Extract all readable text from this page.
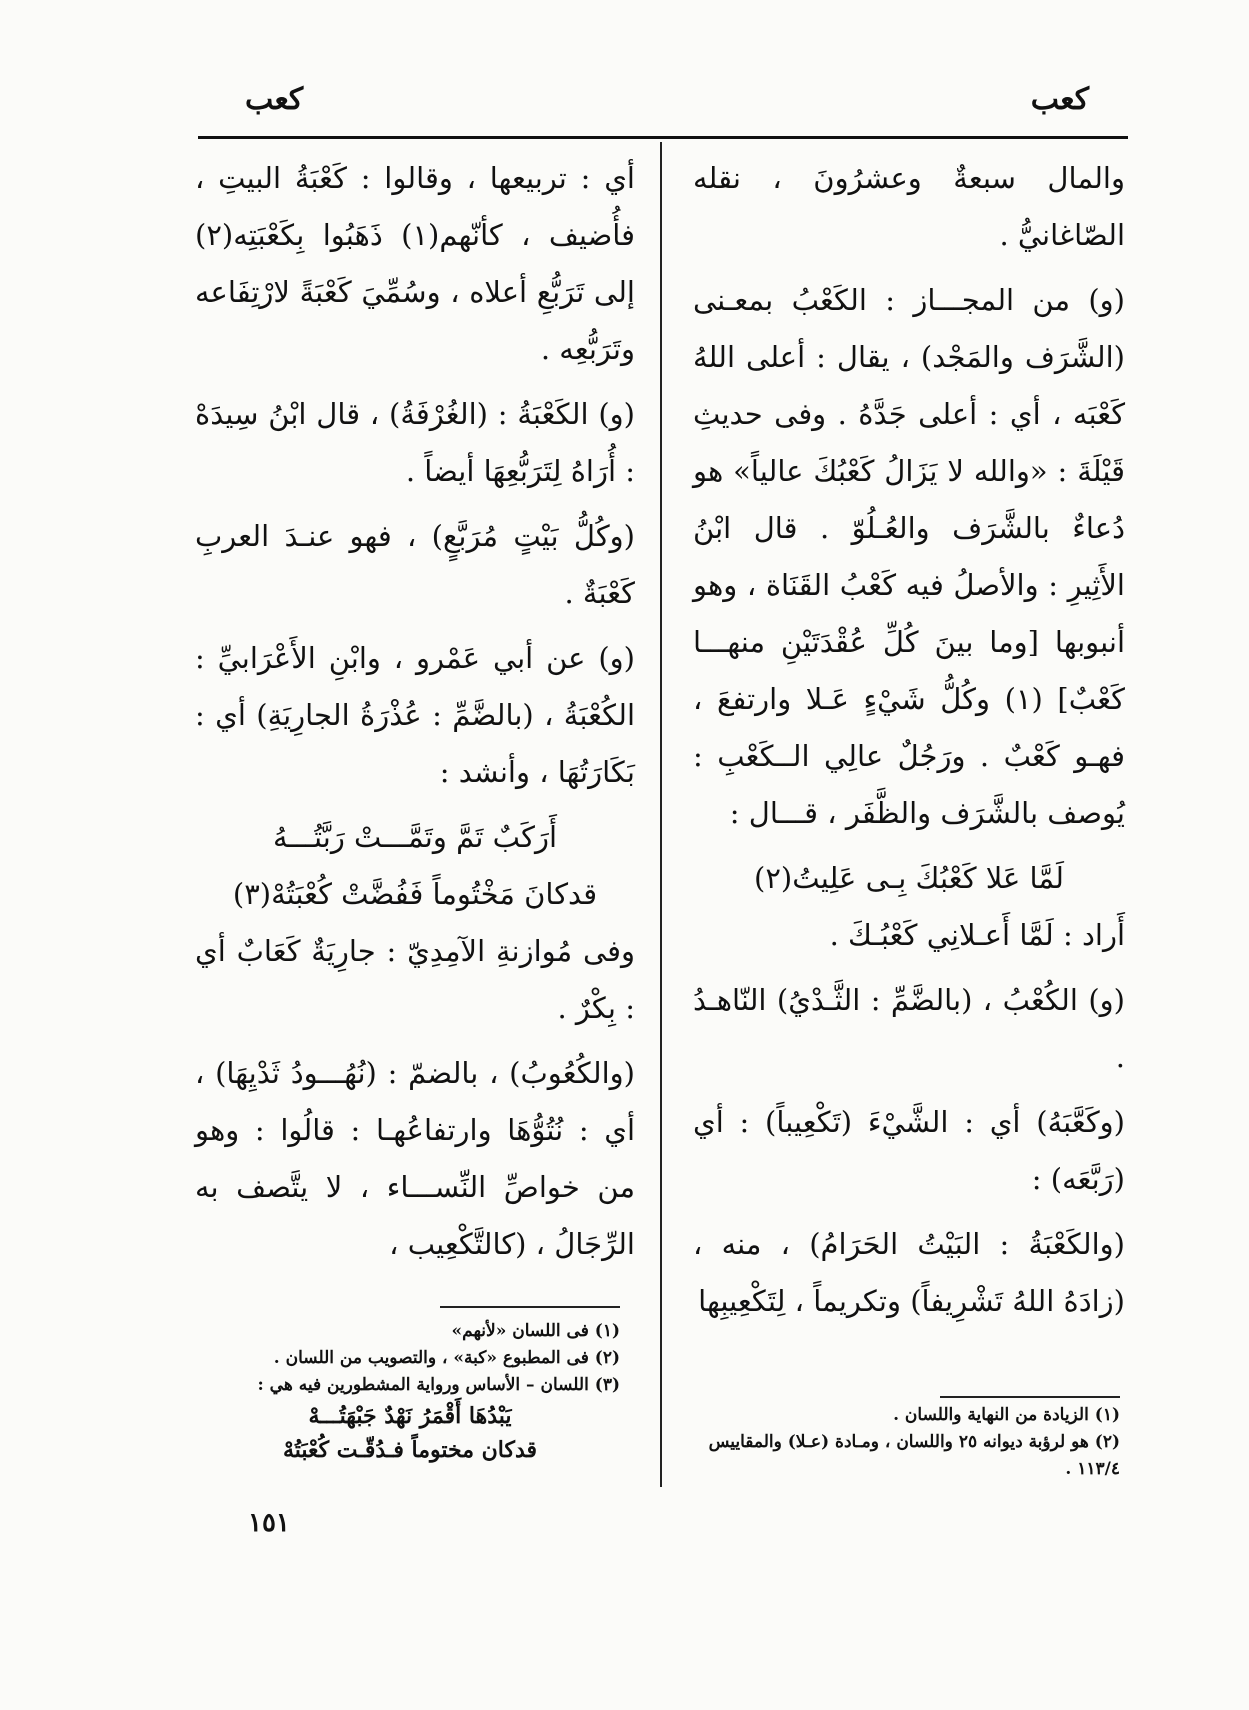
كعب
كعب

والمال سبعةٌ وعشرُونَ ، نقله الصّاغانيُّ .

(و) من المجـــاز : الكَعْبُ بمعـنى (الشَّرَف والمَجْد) ، يقال : أعلى اللهُ كَعْبَه ، أي : أعلى جَدَّهُ . وفى حديثِ قَيْلَةَ : «والله لا يَزَالُ كَعْبُكَ عالياً» هو دُعاءٌ بالشَّرَف والعُـلُوّ . قال ابْنُ الأَثِيرِ : والأصلُ فيه كَعْبُ القَنَاة ، وهو أنبوبها [وما بينَ كُلِّ عُقْدَتَيْنِ منهـــا كَعْبٌ] (١) وكُلُّ شَيْءٍ عَـلا وارتفعَ ، فهـو كَعْبٌ . ورَجُلٌ عالِي الــكَعْبِ : يُوصف بالشَّرَف والظَّفَر ، قـــال :

لَمَّا عَلا كَعْبُكَ بِـى عَلِيتُ(٢)

أَراد : لَمَّا أَعـلانِي كَعْبُـكَ .

(و) الكُعْبُ ، (بالضَّمِّ : الثَّـدْيُ) النّاهـدُ .

(وكَعَّبَهُ) أي : الشَّيْءَ (تَكْعِيباً) : أي (رَبَّعَه) :

(والكَعْبَةُ : البَيْتُ الحَرَامُ) ، منه ، (زادَهُ اللهُ تَشْرِيفاً) وتكريماً ، لِتَكْعِيبِها

أي : تربيعها ، وقالوا : كَعْبَةُ البيتِ ، فأُضيف ، كأنّهم(١) ذَهَبُوا بِكَعْبَتِه(٢) إلى تَرَبُّعِ أعلاه ، وسُمِّيَ كَعْبَةً لارْتِفَاعه وتَرَبُّعِه .

(و) الكَعْبَةُ : (الغُرْفَةُ) ، قال ابْنُ سِيدَهْ : أُرَاهُ لِتَرَبُّعِهَا أيضاً .

(وكُلُّ بَيْتٍ مُرَبَّعٍ) ، فهو عنـدَ العربِ كَعْبَةٌ .

(و) عن أبي عَمْرو ، وابْنِ الأَعْرَابيِّ : الكُعْبَةُ ، (بالضَّمِّ : عُذْرَةُ الجارِيَةِ) أي : بَكَارَتُهَا ، وأنشد :

أَرَكَبٌ تَمَّ وتَمَّـــتْ رَبَّتُـــهُ

قدكانَ مَخْتُوماً فَفُضَّتْ كُعْبَتُهْ(٣)

وفى مُوازنةِ الآمِدِيّ : جارِيَةٌ كَعَابٌ أي : بِكْرٌ .

(والكُعُوبُ) ، بالضمّ : (نُهُـــودُ ثَدْيِهَا) ، أي : نُتُوُّهَا وارتفاعُهـا : قالُوا : وهو من خواصِّ النِّســـاء ، لا يتَّصف به الرِّجَالُ ، (كالتَّكْعِيب ،

(١) الزيادة من النهاية واللسان .

(٢) هو لرؤبة ديوانه ٢٥ واللسان ، ومـادة (عـلا) والمقاييس ١١٣/٤ .

(١) فى اللسان «لأنهم»

(٢) فى المطبوع «كبة» ، والتصويب من اللسان .

(٣) اللسان – الأساس ورواية المشطورين فيه هي :

يَبْدُهَا أَقْمَرُ نَهْدٌ جَبْهَتُـــهْ

قدكان مختوماً فـدُقّـت كُعْبَتُهْ

١٥١
